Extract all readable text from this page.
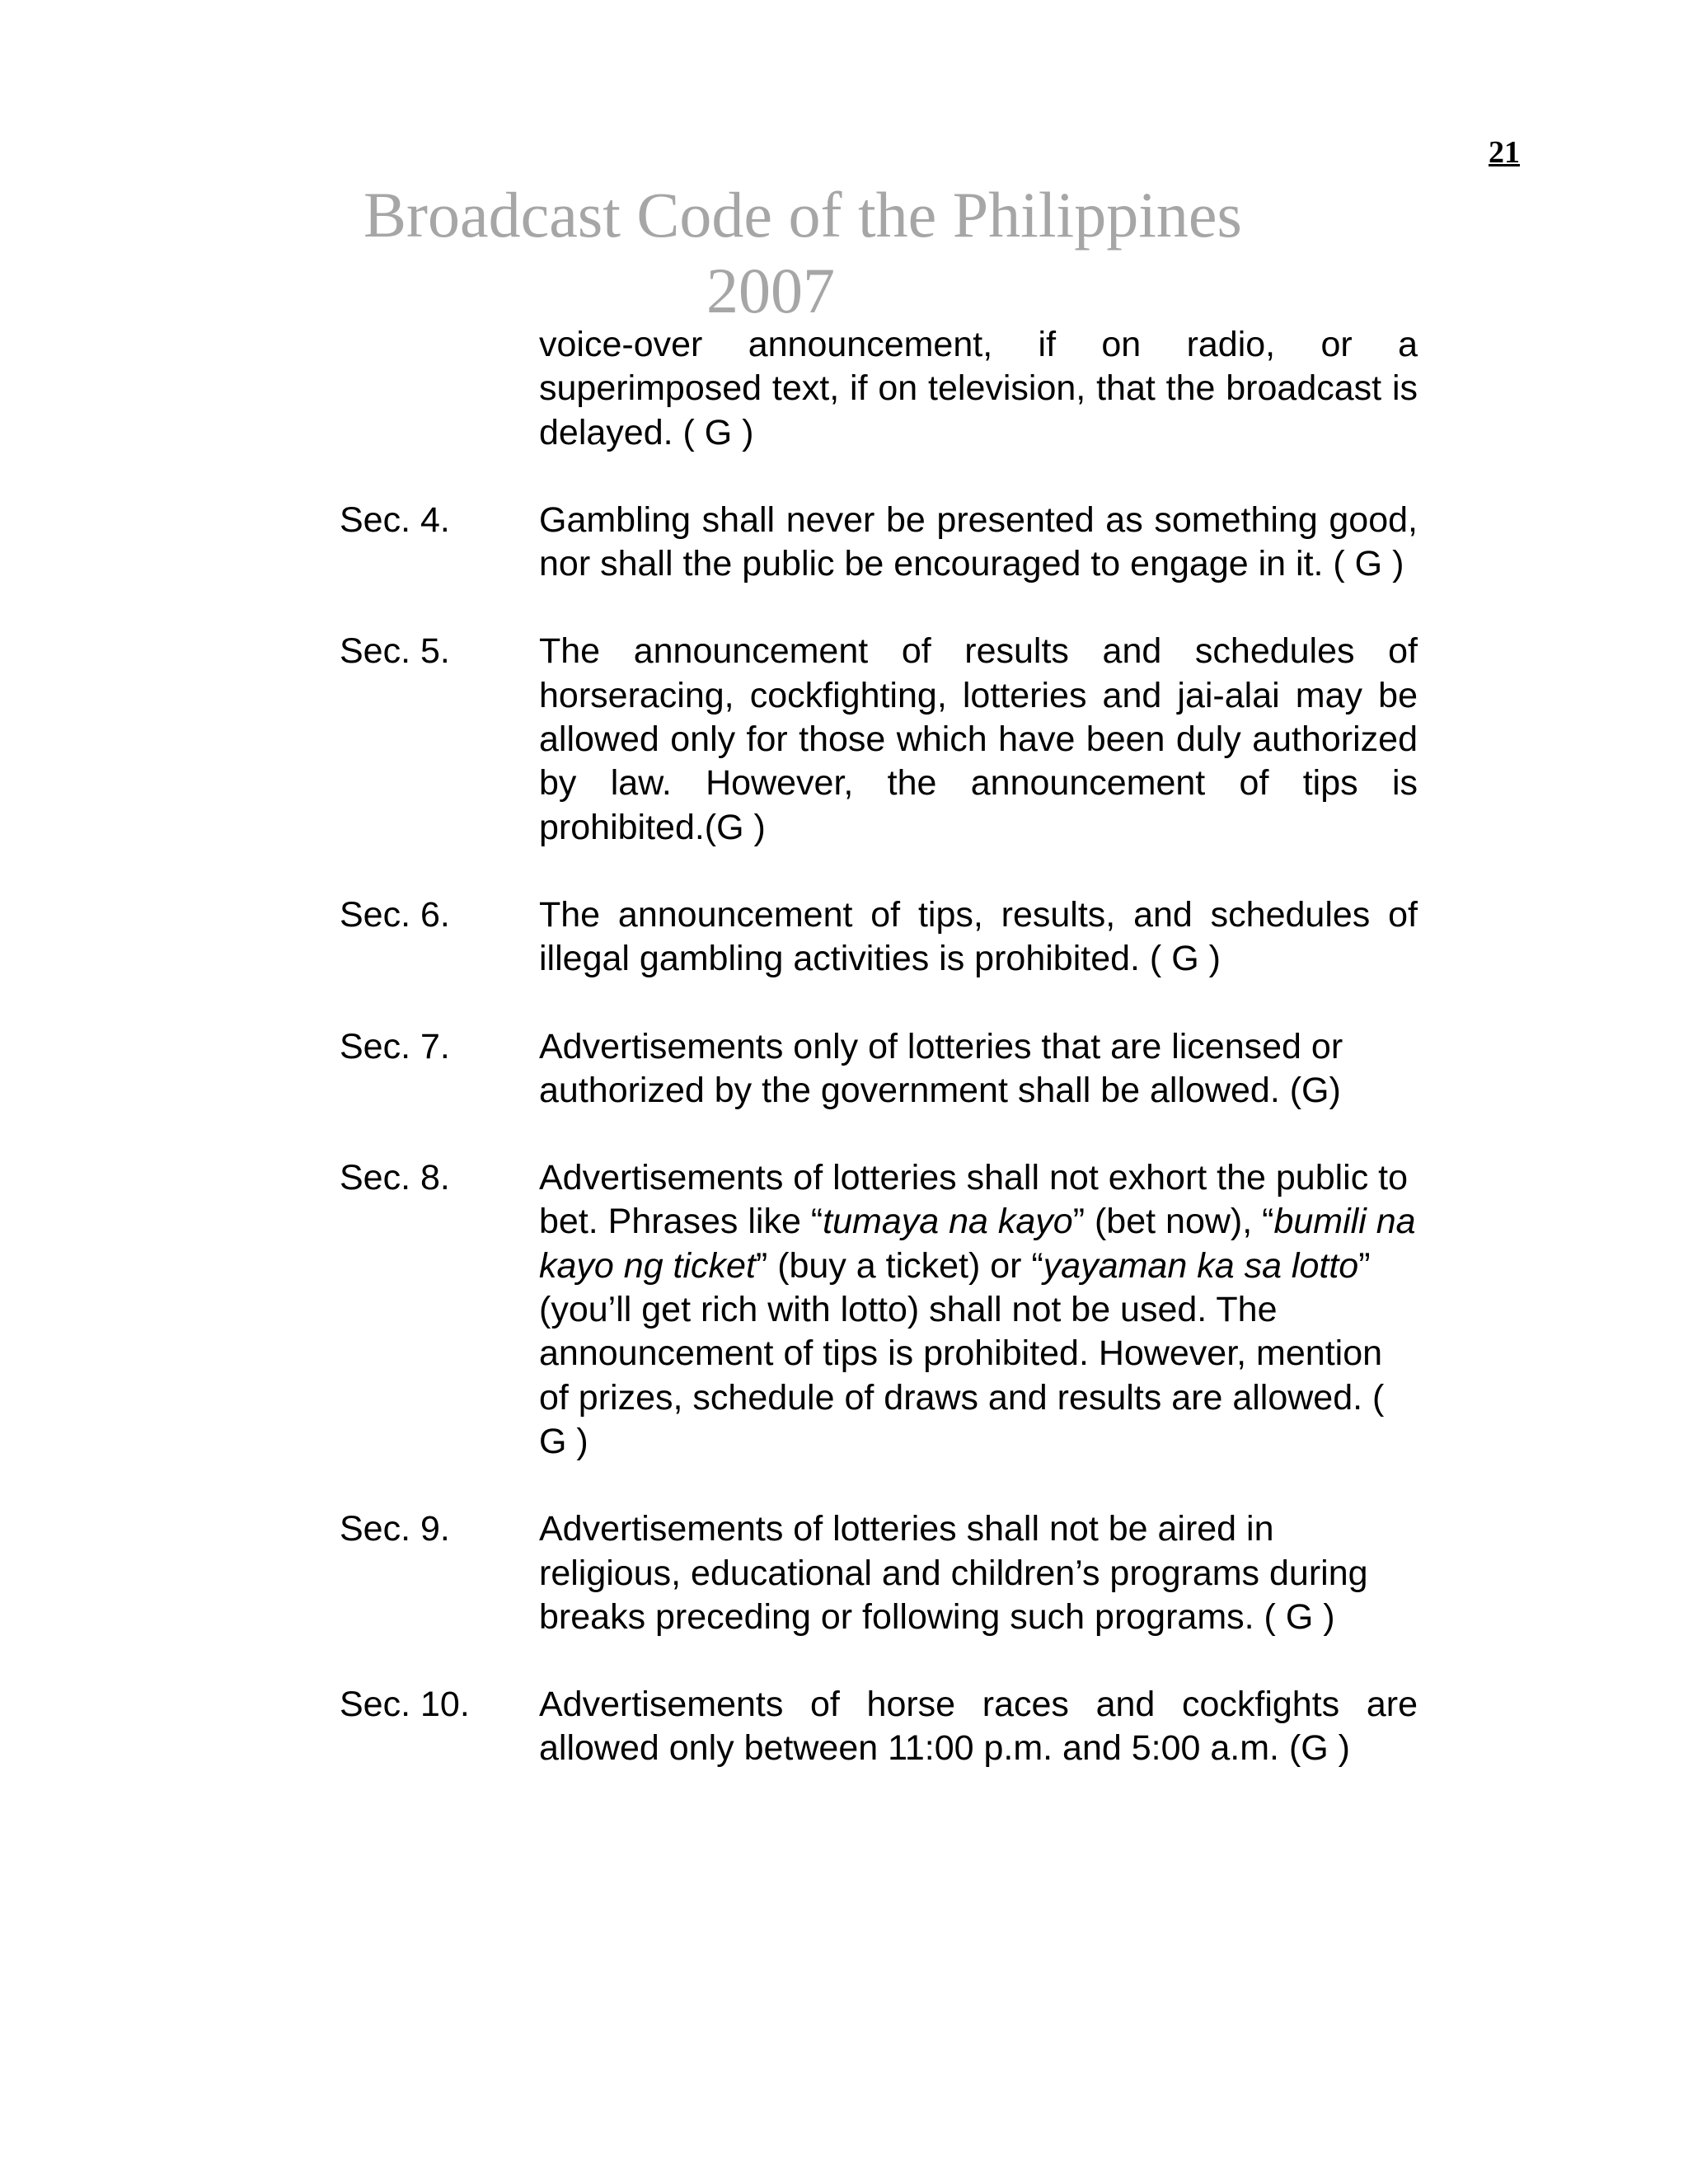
21
Broadcast Code of the Philippines
2007
voice-over announcement, if on radio, or a superimposed text, if on television, that the broadcast is delayed. ( G )
Sec. 4.	Gambling shall never be presented as something good, nor shall the public be encouraged to engage in it. ( G )
Sec. 5.	The announcement of results and schedules of horseracing, cockfighting, lotteries and jai-alai may be allowed only for those which have been duly authorized by law. However, the announcement of tips is prohibited.(G )
Sec. 6.	The announcement of tips, results, and schedules of illegal gambling activities is prohibited. ( G )
Sec. 7.	Advertisements only of lotteries that are licensed or authorized by the government shall be allowed. (G)
Sec. 8.	Advertisements of lotteries shall not exhort the public to bet. Phrases like “tumaya na kayo” (bet now), “bumili na kayo ng ticket” (buy a ticket) or “yayaman ka sa lotto” (you’ll get rich with lotto) shall not be used. The announcement of tips is prohibited. However, mention of prizes, schedule of draws and results are allowed. ( G )
Sec. 9.	Advertisements of lotteries shall not be aired in religious, educational and children’s programs during breaks preceding or following such programs. ( G )
Sec. 10.	Advertisements of horse races and cockfights are allowed only between 11:00 p.m. and 5:00 a.m. (G )
